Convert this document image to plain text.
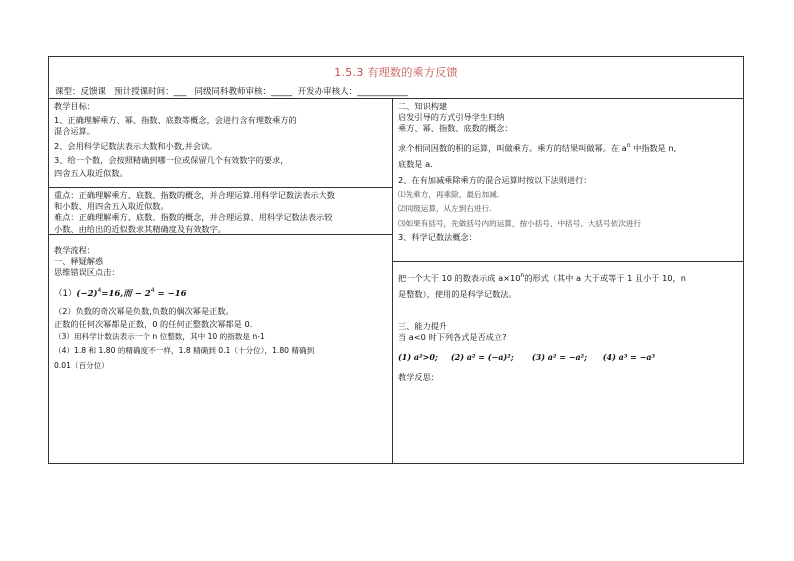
1.5.3 有理数的乘方反馈
课型：反馈课 预计授课时间：___ 同级同科教师审核：_____ 开发办审核人：____________

教学目标：

1、正确理解乘方、幂、指数、底数等概念，会进行含有理数乘方的

混合运算。

2、会用科学记数法表示大数和小数,并会读。

3、给一个数，会按照精确到哪一位或保留几个有效数字的要求，

四舍五入取近似数。

重点：正确理解乘方、底数、指数的概念，并合理运算.用科学记数法表示大数

和小数、用四舍五入取近似数。

难点：正确理解乘方、底数、指数的概念，并合理运算、用科学记数法表示较

小数、由给出的近似数求其精确度及有效数字。

教学流程：

一、释疑解惑

思维错误区点击：

$(1)(-2)^4=16$,而 − $2^4 = -16$

（2）负数的奇次幂是负数,负数的偶次幂是正数。

正数的任何次幂都是正数，0 的任何正整数次幂都是 0.

（3）用科学计数法表示一个 n 位整数，其中 10 的指数是 n-1

（4）1.8 和 1.80 的精确度不一样，1.8 精确到 0.1（十分位），1.80 精确到

0.01（百分位）

二、知识构建

启发引导的方式引导学生归纳

乘方、幂、指数、底数的概念：

求个相同因数的积的运算，叫做乘方。乘方的结果叫做幂。在 $a^n$ 中指数是 n,

底数是 a.

2、在有加减乘除乘方的混合运算时按以下法则进行：

⑴先乘方，再乘除，最后加减.

⑵同级运算，从左到右进行.

⑶如果有括号，先做括号内的运算，按小括号、中括号、大括号依次进行

3、科学记数法概念：

把一个大于 10 的数表示成 $a\times 10^n$的形式（其中 a 大于或等于 1 且小于 10，n

是整数），使用的是科学记数法。

三、能力提升

当 a<0 时下列各式是否成立?

(1) a²>0; (2) a² = (−a)²; (3) a² = −a²; (4) a³ = −a³

教学反思：
